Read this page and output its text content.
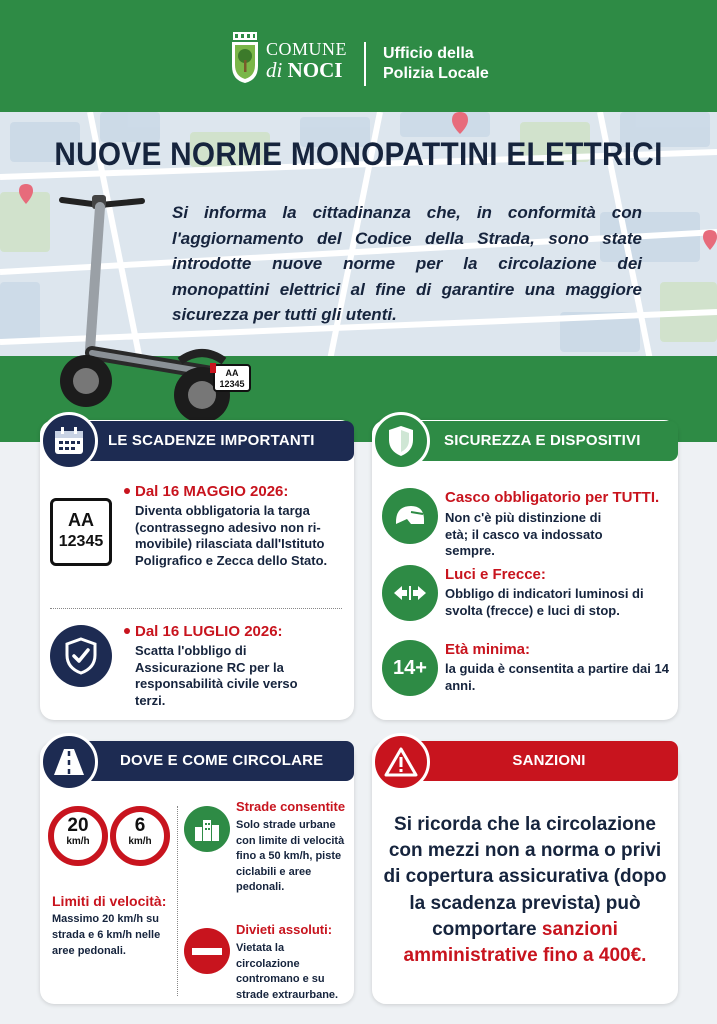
COMUNE
di NOCI
Ufficio della
Polizia Locale
NUOVE NORME MONOPATTINI ELETTRICI

Si informa la cittadinanza che, in conformità con l'aggiornamento del Codice della Strada, sono state introdotte nuove norme per la circolazione dei monopattini elettrici al fine di garantire una maggiore sicurezza per tutti gli utenti.

AA
12345
LE SCADENZE IMPORTANTI
AA
12345
Dal 16 MAGGIO 2026:
Diventa obbligatoria la targa (contrassegno adesivo non ri-movibile) rilasciata dall'Istituto Poligrafico e Zecca dello Stato.
Dal 16 LUGLIO 2026:
Scatta l'obbligo di Assicurazione RC per la responsabilità civile verso terzi.
SICUREZZA E DISPOSITIVI
Casco obbligatorio per TUTTI.
Non c'è più distinzione di età; il casco va indossato sempre.
Luci e Frecce:
Obbligo di indicatori luminosi di svolta (frecce) e luci di stop.
14+
Età minima:
la guida è consentita a partire dai 14 anni.
DOVE E COME CIRCOLARE
20
km/h
6
km/h
Limiti di velocità:
Massimo 20 km/h su strada e 6 km/h nelle aree pedonali.
Strade consentite
Solo strade urbane con limite di velocità fino a 50 km/h, piste ciclabili e aree pedonali.
Divieti assoluti:
Vietata la circolazione contromano e su strade extraurbane.
SANZIONI
Si ricorda che la circolazione con mezzi non a norma o privi di copertura assicurativa (dopo la scadenza prevista) può comportare sanzioni amministrative fino a 400€.
